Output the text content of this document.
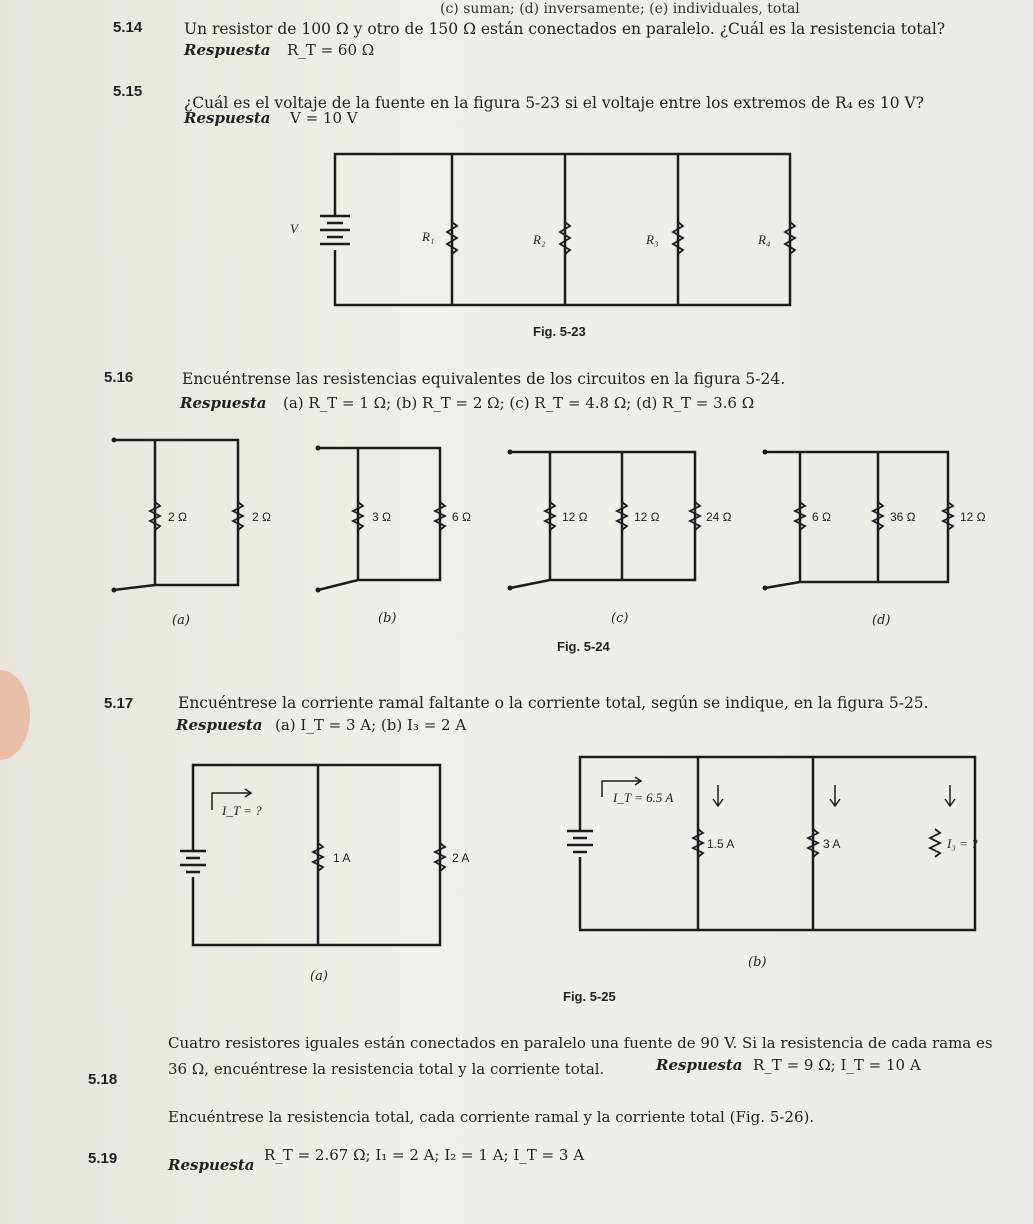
(c) suman; (d) inversamente; (e) individuales, total
5.14	Un resistor de 100 Ω y otro de 150 Ω están conectados en paralelo. ¿Cuál es la resistencia total?
Respuesta R_T = 60 Ω
5.15
¿Cuál es el voltaje de la fuente en la figura 5-23 si el voltaje entre los extremos de R₄ es 10 V?
Respuesta V = 10 V
V
R₁	R₂	R₃	R₄
Fig. 5-23
5.16	Encuéntrense las resistencias equivalentes de los circuitos en la figura 5-24.
Respuesta (a) R_T = 1 Ω; (b) R_T = 2 Ω; (c) R_T = 4.8 Ω; (d) R_T = 3.6 Ω
2 Ω	2 Ω	3 Ω	6 Ω	12 Ω	12 Ω	24 Ω	6 Ω	36 Ω	12 Ω
(a)	(b)	(c)	(d)
Fig. 5-24
5.17	Encuéntrese la corriente ramal faltante o la corriente total, según se indique, en la figura 5-25.
Respuesta (a) I_T = 3 A; (b) I₃ = 2 A
I_T = ?
1 A	2 A
(a)
I_T = 6.5 A
1.5 A	3 A	I₃ = ?
(b)
Fig. 5-25
5.18
Cuatro resistores iguales están conectados en paralelo una fuente de 90 V. Si la resistencia de cada rama es
36 Ω, encuéntrese la resistencia total y la corriente total.	Respuesta R_T = 9 Ω; I_T = 10 A
5.19
Encuéntrese la resistencia total, cada corriente ramal y la corriente total (Fig. 5-26).
Respuesta
R_T = 2.67 Ω; I₁ = 2 A; I₂ = 1 A; I_T = 3 A
